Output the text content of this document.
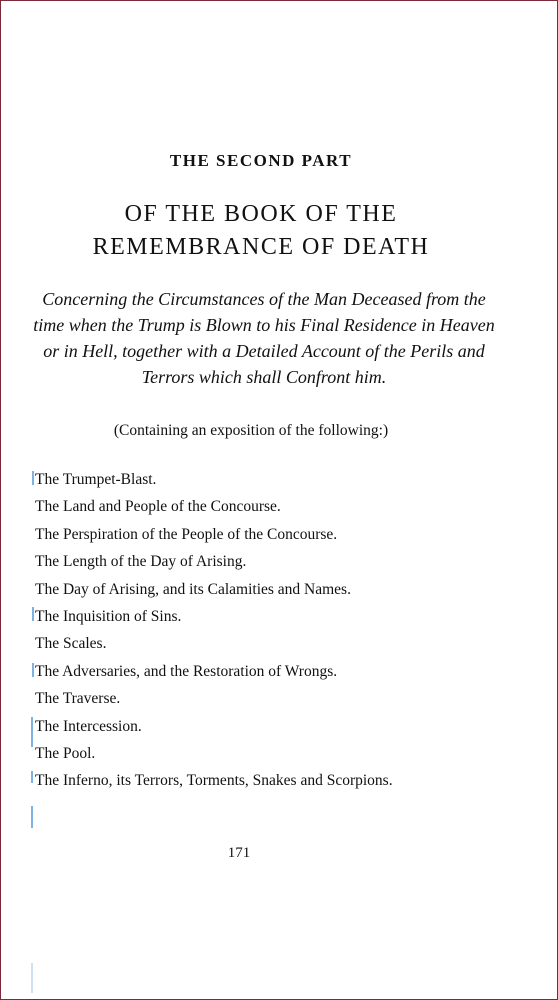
THE SECOND PART
OF THE BOOK OF THE
REMEMBRANCE OF DEATH
Concerning the Circumstances of the Man Deceased from the time when the Trump is Blown to his Final Residence in Heaven or in Hell, together with a Detailed Account of the Perils and Terrors which shall Confront him.
(Containing an exposition of the following:)
The Trumpet-Blast.
The Land and People of the Concourse.
The Perspiration of the People of the Concourse.
The Length of the Day of Arising.
The Day of Arising, and its Calamities and Names.
The Inquisition of Sins.
The Scales.
The Adversaries, and the Restoration of Wrongs.
The Traverse.
The Intercession.
The Pool.
The Inferno, its Terrors, Torments, Snakes and Scorpions.
171
